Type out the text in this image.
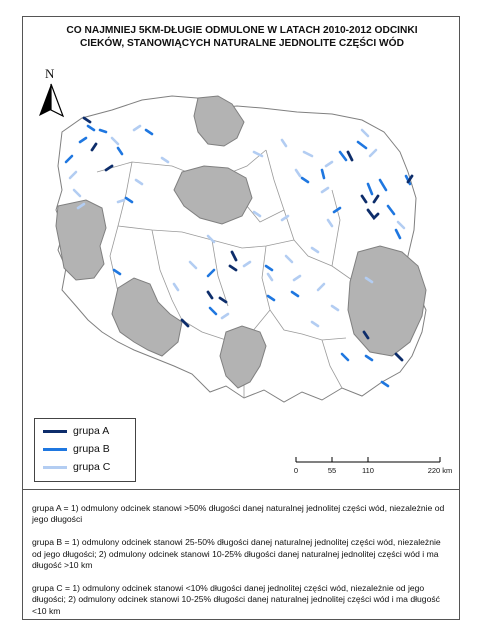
CO NAJMNIEJ 5KM-DŁUGIE ODMULONE W LATACH 2010-2012 ODCINKI
CIEKÓW, STANOWIĄCYCH NATURALNE JEDNOLITE CZĘŚCI WÓD
N
grupa A
grupa B
grupa C	0	55	110	220 km

grupa A = 1) odmulony odcinek stanowi >50% długości danej naturalnej jednolitej części wód, niezależnie od jego długości

grupa B = 1) odmulony odcinek stanowi 25-50% długości danej naturalnej jednolitej części wód, niezależnie od jego długości; 2) odmulony odcinek stanowi 10-25% długości danej naturalnej jednolitej części wód i ma długość >10 km

grupa C = 1) odmulony odcinek stanowi <10% długości danej jednolitej części wód, niezależnie od jego długości; 2) odmulony odcinek stanowi 10-25% długości danej naturalnej jednolitej części wód i ma długość <10 km
